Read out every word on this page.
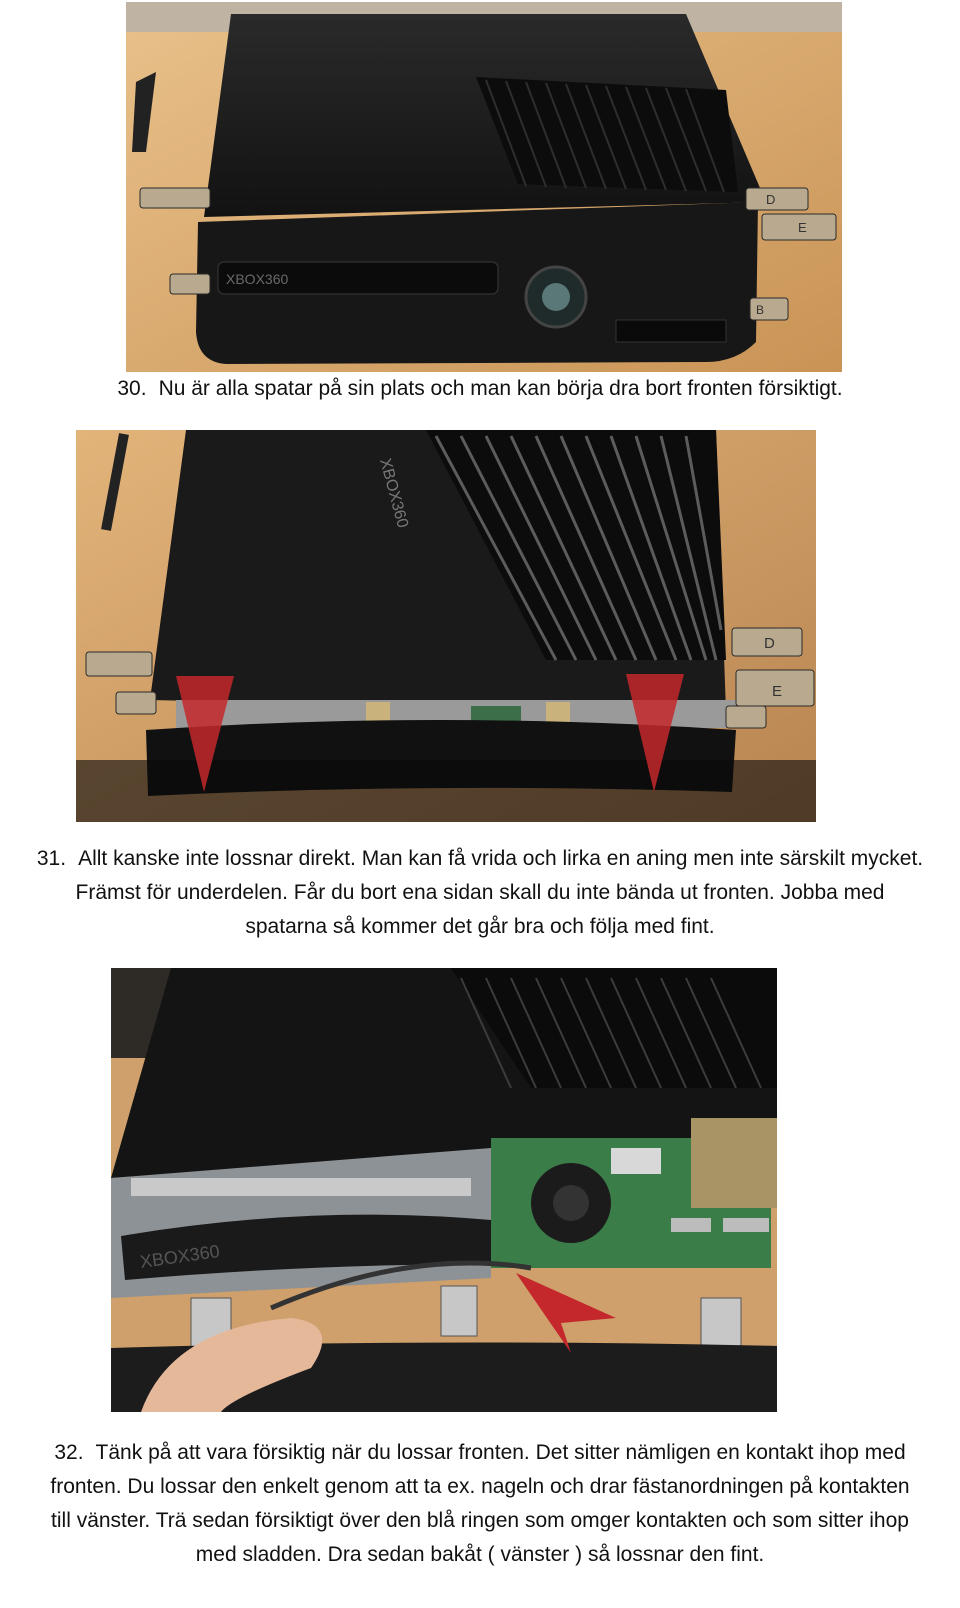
XBOX360
D
E
B

30. Nu är alla spatar på sin plats och man kan börja dra bort fronten försiktigt.

XBOX360
D
E

31. Allt kanske inte lossnar direkt. Man kan få vrida och lirka en aning men inte särskilt mycket.

Främst för underdelen. Får du bort ena sidan skall du inte bända ut fronten. Jobba med

spatarna så kommer det går bra och följa med fint.

XBOX360

32. Tänk på att vara försiktig när du lossar fronten. Det sitter nämligen en kontakt ihop med

fronten. Du lossar den enkelt genom att ta ex. nageln och drar fästanordningen på kontakten

till vänster. Trä sedan försiktigt över den blå ringen som omger kontakten och som sitter ihop

med sladden. Dra sedan bakåt ( vänster ) så lossnar den fint.
